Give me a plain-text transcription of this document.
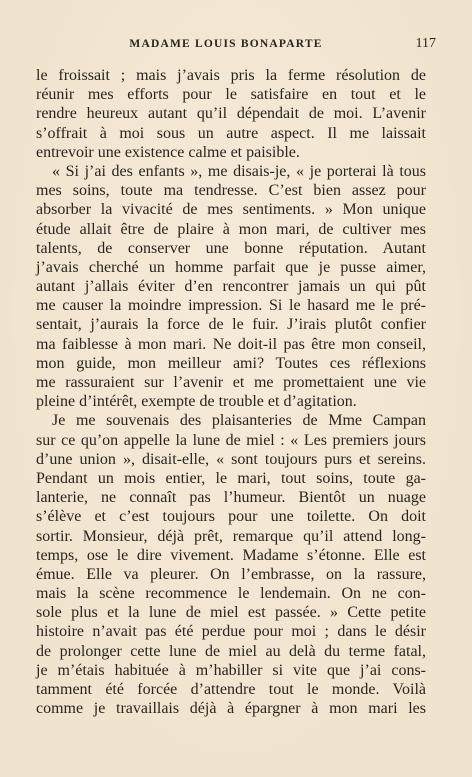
MADAME LOUIS BONAPARTE	117
le froissait ; mais j’avais pris la ferme résolution de
réunir mes efforts pour le satisfaire en tout et le
rendre heureux autant qu’il dépendait de moi. L’avenir
s’offrait à moi sous un autre aspect. Il me laissait
entrevoir une existence calme et paisible.
« Si j’ai des enfants », me disais-je, « je porterai là tous
mes soins, toute ma tendresse. C’est bien assez pour
absorber la vivacité de mes sentiments. » Mon unique
étude allait être de plaire à mon mari, de cultiver mes
talents, de conserver une bonne réputation. Autant
j’avais cherché un homme parfait que je pusse aimer,
autant j’allais éviter d’en rencontrer jamais un qui pût
me causer la moindre impression. Si le hasard me le pré-
sentait, j’aurais la force de le fuir. J’irais plutôt confier
ma faiblesse à mon mari. Ne doit-il pas être mon conseil,
mon guide, mon meilleur ami? Toutes ces réflexions
me rassuraient sur l’avenir et me promettaient une vie
pleine d’intérêt, exempte de trouble et d’agitation.
Je me souvenais des plaisanteries de Mme Campan
sur ce qu’on appelle la lune de miel : « Les premiers jours
d’une union », disait-elle, « sont toujours purs et sereins.
Pendant un mois entier, le mari, tout soins, toute ga-
lanterie, ne connaît pas l’humeur. Bientôt un nuage
s’élève et c’est toujours pour une toilette. On doit
sortir. Monsieur, déjà prêt, remarque qu’il attend long-
temps, ose le dire vivement. Madame s’étonne. Elle est
émue. Elle va pleurer. On l’embrasse, on la rassure,
mais la scène recommence le lendemain. On ne con-
sole plus et la lune de miel est passée. » Cette petite
histoire n’avait pas été perdue pour moi ; dans le désir
de prolonger cette lune de miel au delà du terme fatal,
je m’étais habituée à m’habiller si vite que j’ai cons-
tamment été forcée d’attendre tout le monde. Voilà
comme je travaillais déjà à épargner à mon mari les
